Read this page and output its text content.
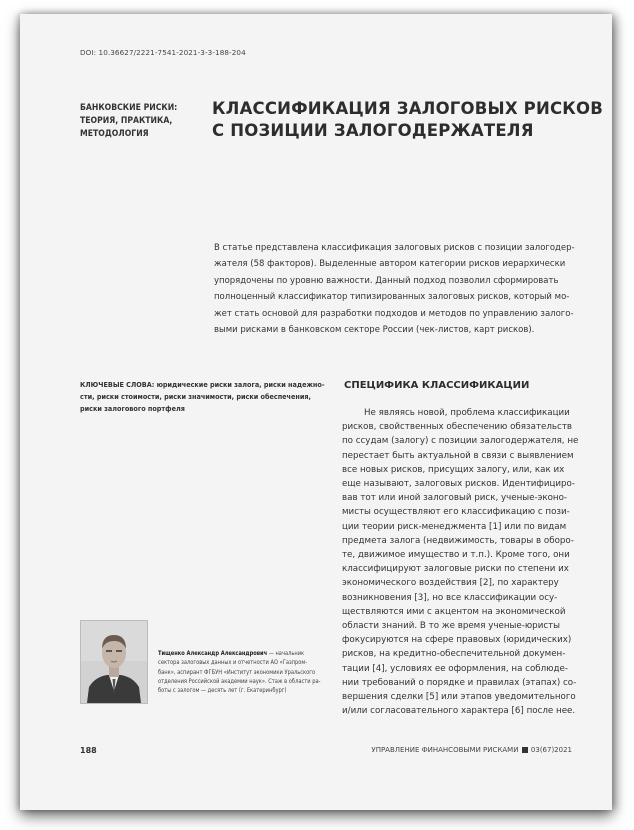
DOI: 10.36627/2221-7541-2021-3-3-188-204
БАНКОВСКИЕ РИСКИ:
ТЕОРИЯ, ПРАКТИКА,
МЕТОДОЛОГИЯ
КЛАССИФИКАЦИЯ ЗАЛОГОВЫХ РИСКОВ
С ПОЗИЦИИ ЗАЛОГОДЕРЖАТЕЛЯ
В статье представлена классификация залоговых рисков с позиции залогодер-
жателя (58 факторов). Выделенные автором категории рисков иерархически
упорядочены по уровню важности. Данный подход позволил сформировать
полноценный классификатор типизированных залоговых рисков, который мо-
жет стать основой для разработки подходов и методов по управлению залого-
выми рисками в банковском секторе России (чек-листов, карт рисков).
КЛЮЧЕВЫЕ СЛОВА: юридические риски залога, риски надежно-
сти, риски стоимости, риски значимости, риски обеспечения,
риски залогового портфеля
СПЕЦИФИКА КЛАССИФИКАЦИИ
Не являясь новой, проблема классификации
рисков, свойственных обеспечению обязательств
по ссудам (залогу) с позиции залогодержателя, не
перестает быть актуальной в связи с выявлением
все новых рисков, присущих залогу, или, как их
еще называют, залоговых рисков. Идентифициро-
вав тот или иной залоговый риск, ученые-эконо-
мисты осуществляют его классификацию с пози-
ции теории риск-менеджмента [1] или по видам
предмета залога (недвижимость, товары в оборо-
те, движимое имущество и т.п.). Кроме того, они
классифицируют залоговые риски по степени их
экономического воздействия [2], по характеру
возникновения [3], но все классификации осу-
ществляются ими с акцентом на экономической
области знаний. В то же время ученые-юристы
фокусируются на сфере правовых (юридических)
рисков, на кредитно-обеспечительной докумен-
тации [4], условиях ее оформления, на соблюде-
нии требований о порядке и правилах (этапах) со-
вершения сделки [5] или этапов уведомительного
и/или согласовательного характера [6] после нее.
Тищенко Александр Александрович — начальник
сектора залоговых данных и отчетности АО «Газпром-
банк», аспирант ФГБУН «Институт экономики Уральского
отделения Российской академии наук». Стаж в области ра-
боты с залогом — десять лет (г. Екатеринбург)
188	УПРАВЛЕНИЕ ФИНАНСОВЫМИ РИСКАМИ 03(67)2021
